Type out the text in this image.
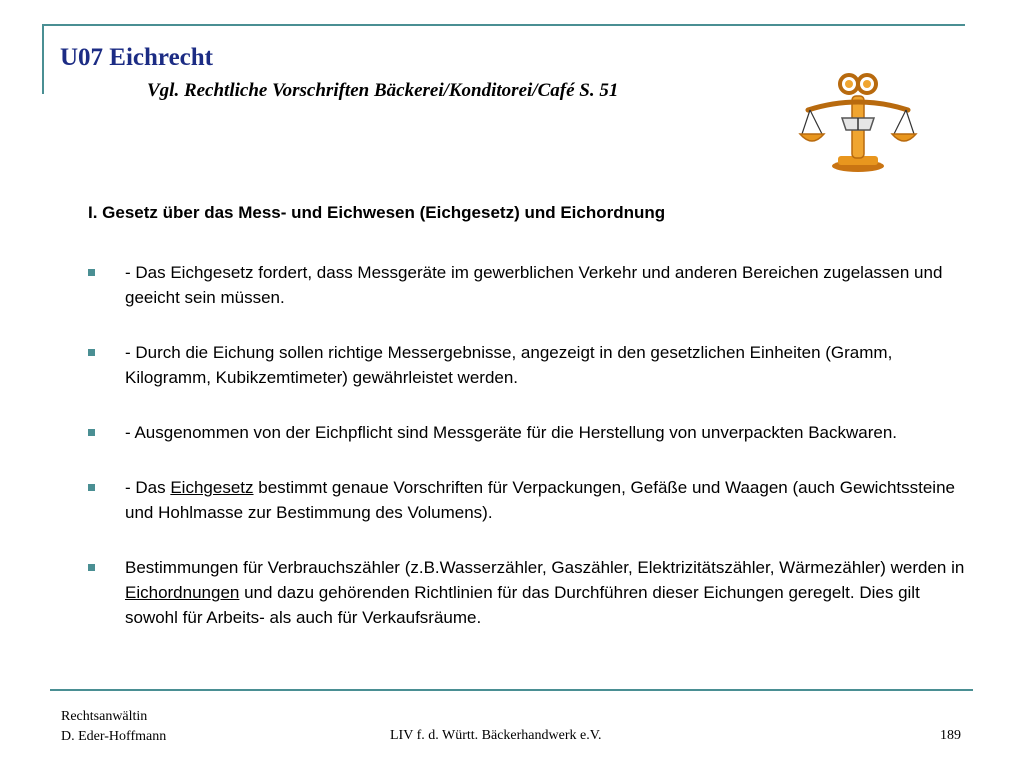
U07 Eichrecht
Vgl. Rechtliche Vorschriften Bäckerei/Konditorei/Café S. 51
I. Gesetz über das Mess- und Eichwesen (Eichgesetz) und Eichordnung
- Das Eichgesetz fordert, dass Messgeräte im gewerblichen Verkehr und anderen Bereichen zugelassen und geeicht sein müssen.
- Durch die Eichung sollen richtige Messergebnisse, angezeigt in den gesetzlichen Einheiten (Gramm, Kilogramm, Kubikzemtimeter) gewährleistet werden.
- Ausgenommen von der Eichpflicht sind Messgeräte für die Herstellung von unverpackten Backwaren.
- Das Eichgesetz bestimmt genaue Vorschriften für Verpackungen, Gefäße und Waagen (auch Gewichtssteine und Hohlmasse zur Bestimmung des Volumens).
Bestimmungen für Verbrauchszähler (z.B.Wasserzähler, Gaszähler, Elektrizitätszähler, Wärmezähler) werden in Eichordnungen und dazu gehörenden Richtlinien für das Durchführen dieser Eichungen geregelt. Dies gilt sowohl für Arbeits- als auch für Verkaufsräume.
Rechtsanwältin
D. Eder-Hoffmann	LIV f. d. Württ. Bäckerhandwerk e.V.	189
